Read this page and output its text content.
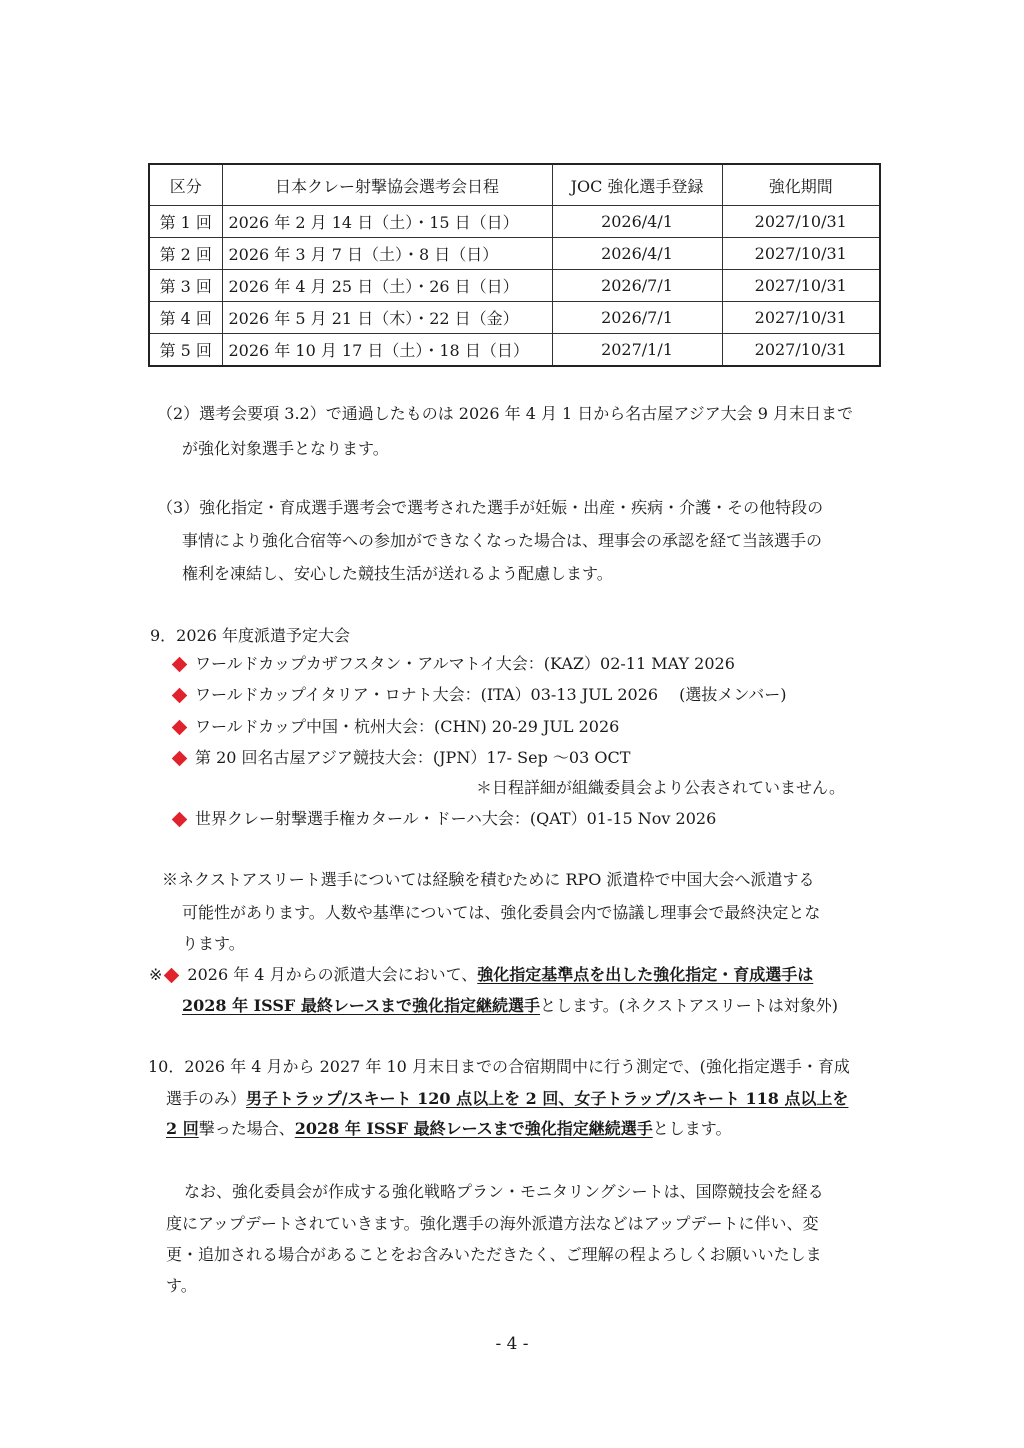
区分	日本クレー射撃協会選考会日程	JOC 強化選手登録	強化期間
第 1 回	2026 年 2 月 14 日（土）・15 日（日）	2026/4/1	2027/10/31
第 2 回	2026 年 3 月 7 日（土）・8 日（日）	2026/4/1	2027/10/31
第 3 回	2026 年 4 月 25 日（土）・26 日（日）	2026/7/1	2027/10/31
第 4 回	2026 年 5 月 21 日（木）・22 日（金）	2026/7/1	2027/10/31
第 5 回	2026 年 10 月 17 日（土）・18 日（日）	2027/1/1	2027/10/31
（2）選考会要項 3.2）で通過したものは 2026 年 4 月 1 日から名古屋アジア大会 9 月末日まで
が強化対象選手となります。
（3）強化指定・育成選手選考会で選考された選手が妊娠・出産・疾病・介護・その他特段の
事情により強化合宿等への参加ができなくなった場合は、理事会の承認を経て当該選手の
権利を凍結し、安心した競技生活が送れるよう配慮します。
9．2026 年度派遣予定大会
ワールドカップカザフスタン・アルマトイ大会：(KAZ）02-11 MAY 2026
ワールドカップイタリア・ロナト大会：(ITA）03-13 JUL 2026　 (選抜メンバー)
ワールドカップ中国・杭州大会：(CHN) 20-29 JUL 2026
第 20 回名古屋アジア競技大会：(JPN）17- Sep ～03 OCT
＊日程詳細が組織委員会より公表されていません。
世界クレー射撃選手権カタール・ドーハ大会：(QAT）01-15 Nov 2026
※ネクストアスリート選手については経験を積むために RPO 派遣枠で中国大会へ派遣する
可能性があります。人数や基準については、強化委員会内で協議し理事会で最終決定とな
ります。
※ 2026 年 4 月からの派遣大会において、強化指定基準点を出した強化指定・育成選手は
2028 年 ISSF 最終レースまで強化指定継続選手とします。(ネクストアスリートは対象外)
10．2026 年 4 月から 2027 年 10 月末日までの合宿期間中に行う測定で、(強化指定選手・育成
選手のみ）男子トラップ/スキート 120 点以上を 2 回、女子トラップ/スキート 118 点以上を
2 回撃った場合、2028 年 ISSF 最終レースまで強化指定継続選手とします。
なお、強化委員会が作成する強化戦略プラン・モニタリングシートは、国際競技会を経る
度にアップデートされていきます。強化選手の海外派遣方法などはアップデートに伴い、変
更・追加される場合があることをお含みいただきたく、ご理解の程よろしくお願いいたしま
す。
- 4 -
